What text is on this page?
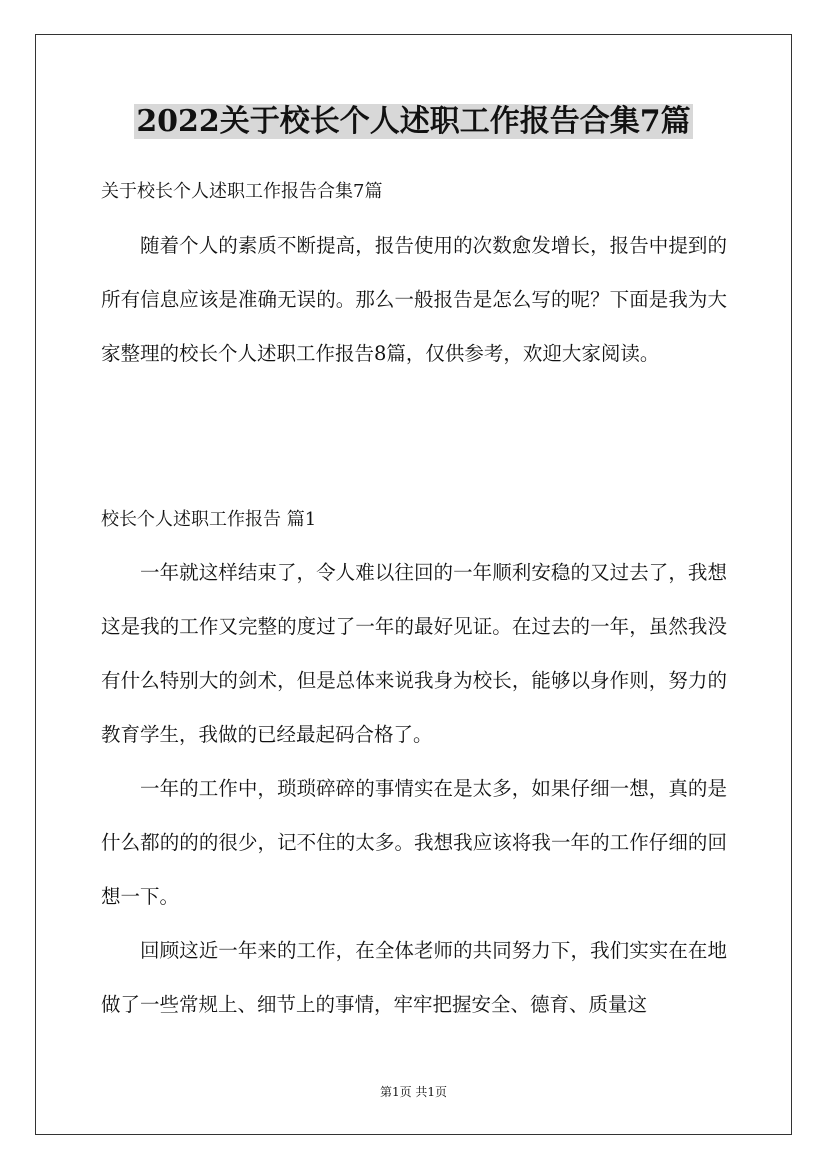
2022关于校长个人述职工作报告合集7篇
关于校长个人述职工作报告合集7篇

随着个人的素质不断提高，报告使用的次数愈发增长，报告中提到的所有信息应该是准确无误的。那么一般报告是怎么写的呢？下面是我为大家整理的校长个人述职工作报告8篇，仅供参考，欢迎大家阅读。

校长个人述职工作报告 篇1

一年就这样结束了，令人难以往回的一年顺利安稳的又过去了，我想这是我的工作又完整的度过了一年的最好见证。在过去的一年，虽然我没有什么特别大的剑术，但是总体来说我身为校长，能够以身作则，努力的教育学生，我做的已经最起码合格了。

一年的工作中，琐琐碎碎的事情实在是太多，如果仔细一想，真的是什么都的的的很少，记不住的太多。我想我应该将我一年的工作仔细的回想一下。

回顾这近一年来的工作，在全体老师的共同努力下，我们实实在在地做了一些常规上、细节上的事情，牢牢把握安全、德育、质量这

第1页 共1页
